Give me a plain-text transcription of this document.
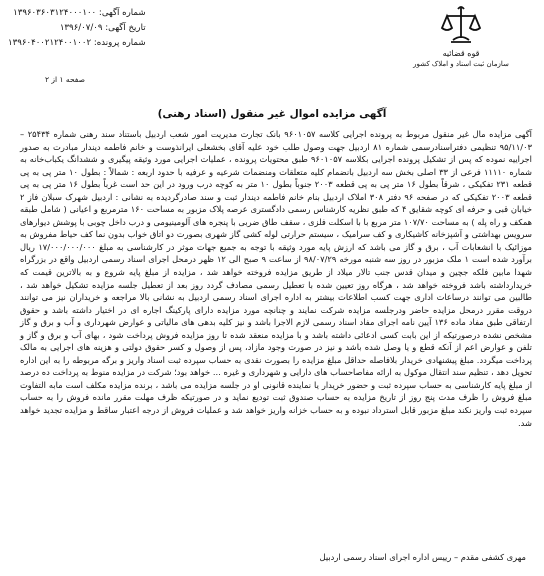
قوه قضائیه
سازمان ثبت اسناد و املاک کشور
شماره آگهی: ۱۳۹۶۰۳۶۰۳۱۲۴۰۰۰۱۰۰
تاریخ آگهی: ۱۳۹۶/۰۷/۰۹
شماره پرونده: ۱۳۹۶۰۴۰۰۲۱۲۴۰۰۱۰۰۲
صفحه ۱ از ۲
آگهی مزایده اموال غیر منقول (اسناد رهنی)

آگهی مزایده مال غیر منقول مربوط به پرونده اجرایی کلاسه ۹۶۰۱۰۵۷ بانک تجارت مدیریت امور شعب اردبیل باستناد سند رهنی شماره ۲۵۴۳۴ – ۹۵/۱۱/۰۳ تنظیمی دفتراسنادرسمی شماره ۸۱ اردبیل جهت وصول طلب خود علیه آقای بخشعلی ایرانذوست و خانم فاطمه دیندار مبادرت به صدور اجراییه نموده که پس از تشکیل پرونده اجرایی بکلاسه ۹۶۰۱۰۵۷ طبق محتویات پرونده ، عملیات اجرایی مورد وثیقه پیگیری و ششدانگ یکباب‌خانه به شماره ۱۱۱۱۰ فرعی از ۳۳ اصلی بخش سه اردبیل بانضمام کلیه متعلقات ومنضمات شرعیه و عرفیه با حدود اربعه : شمالاً : بطول ۱۰ متر پی به پی قطعه ۲۳۱ تفکیکی ، شرقاً بطول ۱۶ متر پی به پی قطعه ۲۰۰۳ جنوباً بطول ۱۰ متر به کوچه درب ورود در این حد است غرباً بطول ۱۶ متر پی به پی قطعه ۲۰۰۳ تفکیکی که در صفحه ۹۶ دفتر ۳۰۸ املاک اردبیل بنام خانم فاطمه دیندار ثبت و سند صادرگردیده به نشانی : اردبیل شهرک سبلان فاز ۲ خیابان قبی و حرفه ای کوچه شقایق ۴ که طبق نظریه کارشناس رسمی دادگستری عرصه پلاک مزبور به مساحت ۱۶۰ مترمربع و اعیانی ( شامل طبقه همکف و راه پله ) به مساحت ۱۰۷/۷۰ متر مربع با با اسکلت فلزی ، سقف طاق ضربی با پنجره های آلومینیومی و درب داخل چوبی با پوشش دیوارهای سرویس بهداشتی و آشپزخانه کاشیکاری و کف سرامیک ، سیستم حرارتی لوله کشی گاز شهری بصورت دو اتاق خواب بدون نما کف حیاط مفروش به موزائیک با انشعابات آب ، برق و گاز می باشد که ارزش پایه مورد وثیقه با توجه به جمیع جهات موثر در کارشناسی به مبلغ ۱۷/۰۰۰/۰۰۰/۰۰۰ ریال برآورد شده است ۱ ملک مزبور در روز سه شنبه مورخه ۹۸/۰۷/۲۹ از ساعت ۹ صبح الی ۱۲ ظهر درمحل اجرای اسناد رسمی اردبیل واقع در بزرگراه شهدا مابین فلکه جچین و میدان قدس جنب تالار میلاد از طریق مزایده فروخته خواهد شد ، مزایده از مبلغ پایه شروع و به بالاترین قیمت که خریدارداشته باشد فروخته خواهد شد ، هرگاه روز تعیین شده با تعطیل رسمی مصادف گردد روز بعد از تعطیل جلسه مزایده تشکیل خواهد شد ، طالبین می توانند درساعات اداری جهت کسب اطلاعات بیشتر به اداره اجرای اسناد رسمی اردبیل به نشانی بالا مراجعه و خریداران نیز می توانند دروقت مقرر درمحل مزایده حاضر ودرجلسه مزایده شرکت نمایند و چنانچه مورد مزایده دارای پارکینگ اجاره ای در اختیار داشته باشد و حقوق ارتفاقی طبق مفاد ماده ۱۳۶ آیین نامه اجرای مفاد اسناد رسمی لازم الاجرا باشد و نیز کلیه بدهی های مالیاتی و عوارض شهرداری و آب و برق و گاز مشخص نشده درصورتیکه از این بابت کسی ادعائی داشته باشد و با مزایده منعقد شده تا روز مزایده فروش پرداخت شود ، بهای آب و برق و گاز و تلفن و عوارض اعم از آنکه قطع و یا وصل شده باشد و نیز در صورت وجود مازاد، پس از وصول و کسر حقوق دولتی و هزینه های اجرایی به مالک پرداخت میگردد. مبلغ پیشنهادی خریدار بلافاصله حداقل مبلغ مزایده را بصورت نقدی به حساب سپرده ثبت اسناد واریز و برگه مربوطه را به این اداره تحویل دهد ، تنظیم سند انتقال موکول به ارائه مفاصاحساب های دارایی و شهرداری و غیره ... خواهد بود؛ شرکت در مزایده منوط به پرداخت ده درصد از مبلغ پایه کارشناسی به حساب سپرده ثبت و حضور خریدار یا نماینده قانونی او در جلسه مزایده می باشد ، برنده مزایده مکلف است مابه التفاوت مبلغ فروش را ظرف مدت پنج روز از تاریخ مزایده به حساب صندوق ثبت تودیع نماید و در صورتیکه ظرف مهلت مقرر مانده فروش را به حساب سپرده ثبت واریز نکند مبلغ مزبور قابل استرداد نبوده و به حساب خزانه واریز خواهد شد و عملیات فروش از درجه اعتبار ساقط و مزایده تجدید خواهد شد.

مهری کشفی مقدم – رییس اداره اجرای اسناد رسمی اردبیل
